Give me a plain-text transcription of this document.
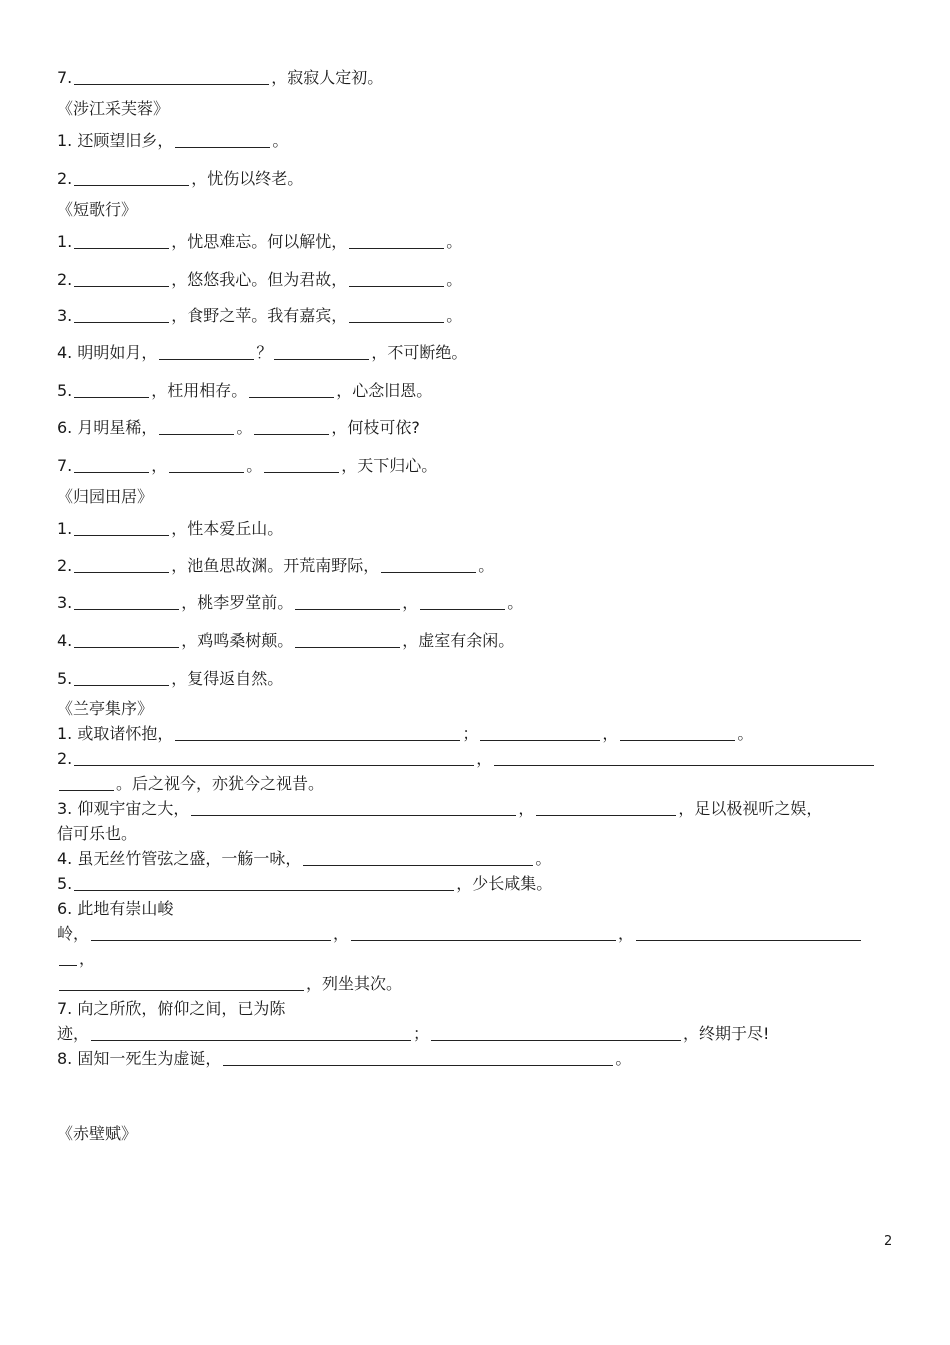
7.	，寂寂人定初。
《涉江采芙蓉》
1. 还顾望旧乡，	。
2.	，忧伤以终老。
《短歌行》
1.	，忧思难忘。何以解忧，	。
2.	，悠悠我心。但为君故，	。
3.	，食野之苹。我有嘉宾，	。
4. 明明如月，	？	，不可断绝。
5.	，枉用相存。	，心念旧恩。
6. 月明星稀，	。	，何枝可依?
7.	，	。	，天下归心。
《归园田居》
1.	，性本爱丘山。
2.	，池鱼思故渊。开荒南野际，	。
3.	，桃李罗堂前。	，	。
4.	，鸡鸣桑树颠。	，虚室有余闲。
5.	，复得返自然。
《兰亭集序》
1. 或取诸怀抱，	；	，	。
2.	，
。后之视今，亦犹今之视昔。
3. 仰观宇宙之大，	，	，足以极视听之娱，
信可乐也。
4. 虽无丝竹管弦之盛，一觞一咏，	。
5.	，少长咸集。
6. 此地有崇山峻
岭，	，	，
，
，列坐其次。
7. 向之所欣，俯仰之间，已为陈
迹，	；	，终期于尽!
8. 固知一死生为虚诞，	。
《赤壁赋》
2
